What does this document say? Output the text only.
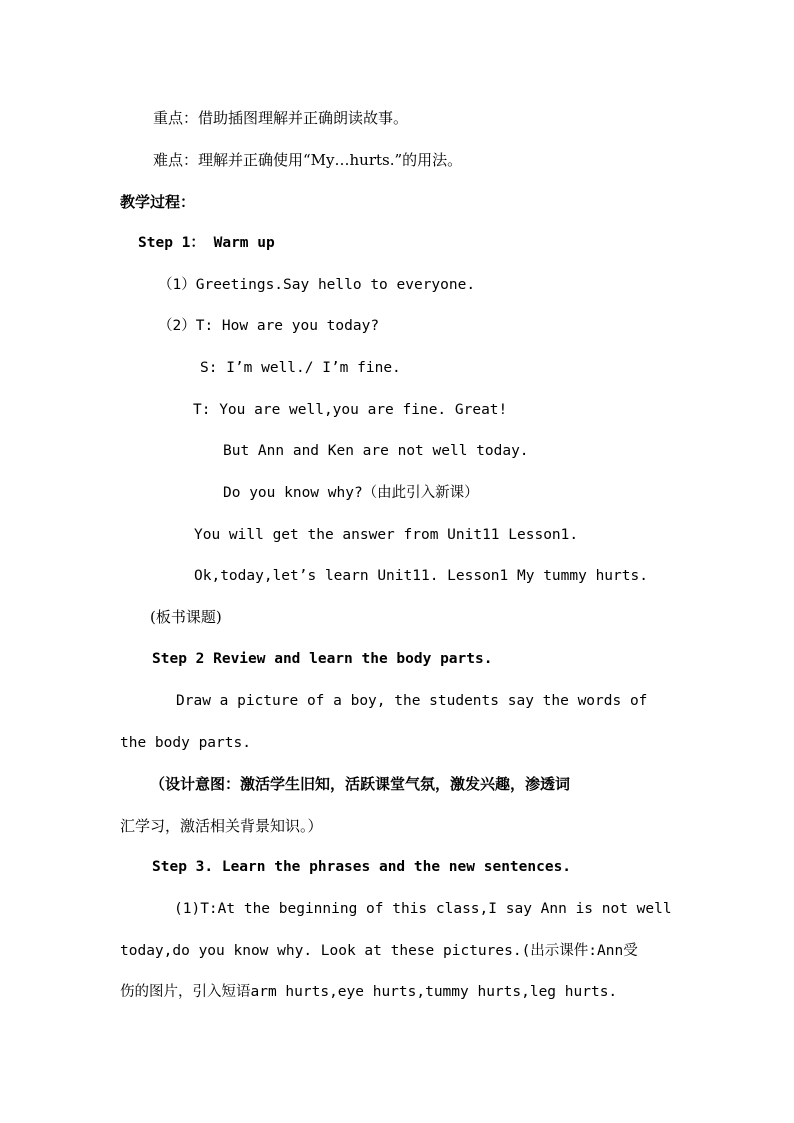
重点：借助插图理解并正确朗读故事。
难点：理解并正确使用“My…hurts.”的用法。
教学过程：
Step 1： Warm up
（1）Greetings.Say hello to everyone.
（2）T: How are you today?
S: I’m well./ I’m fine.
T: You are well,you are fine. Great!
But Ann and Ken are not well today.
Do you know why?（由此引入新课）
You will get the answer from Unit11 Lesson1.
Ok,today,let’s learn Unit11. Lesson1 My tummy hurts.
(板书课题)
Step 2 Review and learn the body parts.
Draw a picture of a boy, the students say the words of
the body parts.
（设计意图：激活学生旧知，活跃课堂气氛，激发兴趣，渗透词
汇学习，激活相关背景知识。）
Step 3. Learn the phrases and the new sentences.
(1)T:At the beginning of this class,I say Ann is not well
today,do you know why. Look at these pictures.(出示课件:Ann受
伤的图片，引入短语arm hurts,eye hurts,tummy hurts,leg hurts.
